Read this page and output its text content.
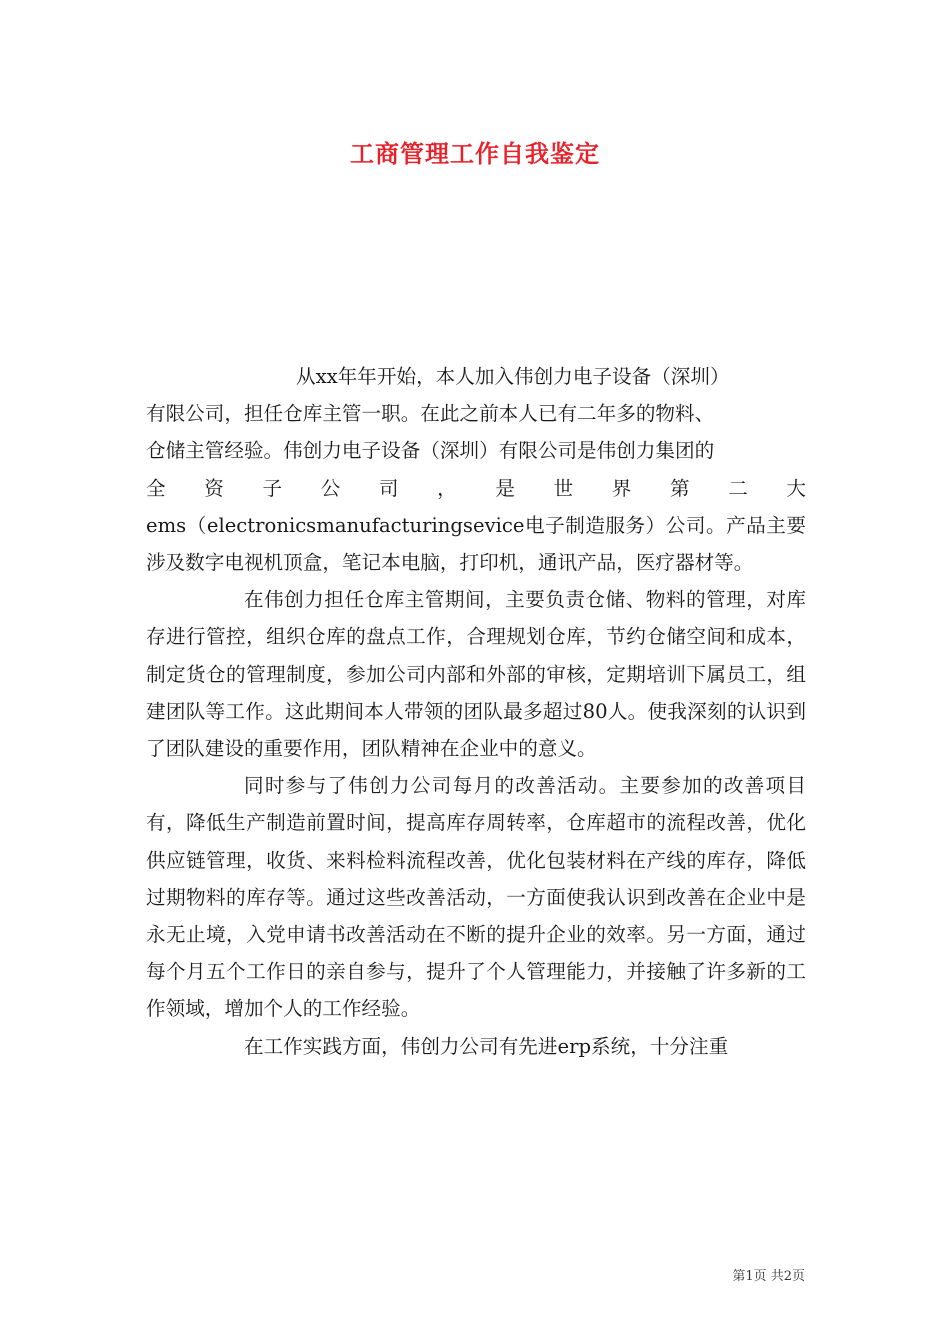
工商管理工作自我鉴定
从xx年年开始，本人加入伟创力电子设备（深圳）
有限公司，担任仓库主管一职。在此之前本人已有二年多的物料、
仓储主管经验。伟创力电子设备（深圳）有限公司是伟创力集团的
全 资 子 公 司 ， 是 世 界 第 二 大
ems（electronicsmanufacturingsevice电子制造服务）公司。产品主要涉及数字电视机顶盒，笔记本电脑，打印机，通讯产品，医疗器材等。

在伟创力担任仓库主管期间，主要负责仓储、物料的管理，对库存进行管控，组织仓库的盘点工作，合理规划仓库，节约仓储空间和成本，制定货仓的管理制度，参加公司内部和外部的审核，定期培训下属员工，组建团队等工作。这此期间本人带领的团队最多超过80人。使我深刻的认识到了团队建设的重要作用，团队精神在企业中的意义。

同时参与了伟创力公司每月的改善活动。主要参加的改善项目有，降低生产制造前置时间，提高库存周转率，仓库超市的流程改善，优化供应链管理，收货、来料检料流程改善，优化包装材料在产线的库存，降低过期物料的库存等。通过这些改善活动，一方面使我认识到改善在企业中是永无止境，入党申请书改善活动在不断的提升企业的效率。另一方面，通过每个月五个工作日的亲自参与，提升了个人管理能力，并接触了许多新的工作领域，增加个人的工作经验。

在工作实践方面，伟创力公司有先进erp系统，十分注重

第1页 共2页
